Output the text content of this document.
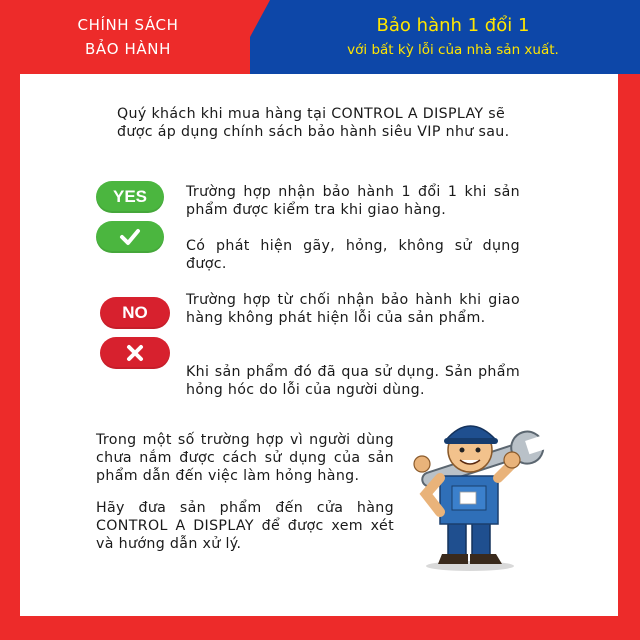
CHÍNH SÁCH
BẢO HÀNH
Bảo hành 1 đổi 1
với bất kỳ lỗi của nhà sản xuất.
Quý khách khi mua hàng tại CONTROL A DISPLAY sẽ
được áp dụng chính sách bảo hành siêu VIP như sau.
YES	Trường hợp nhận bảo hành 1 đổi 1 khi sản phẩm được kiểm tra khi giao hàng.
Có phát hiện gãy, hỏng, không sử dụng được.
NO
Trường hợp từ chối nhận bảo hành khi giao hàng không phát hiện lỗi của sản phẩm.
Khi sản phẩm đó đã qua sử dụng. Sản phẩm hỏng hóc do lỗi của người dùng.
Trong một số trường hợp vì người dùng chưa nắm được cách sử dụng của sản phẩm dẫn đến việc làm hỏng hàng.
Hãy đưa sản phẩm đến cửa hàng CONTROL A DISPLAY để được xem xét và hướng dẫn xử lý.
